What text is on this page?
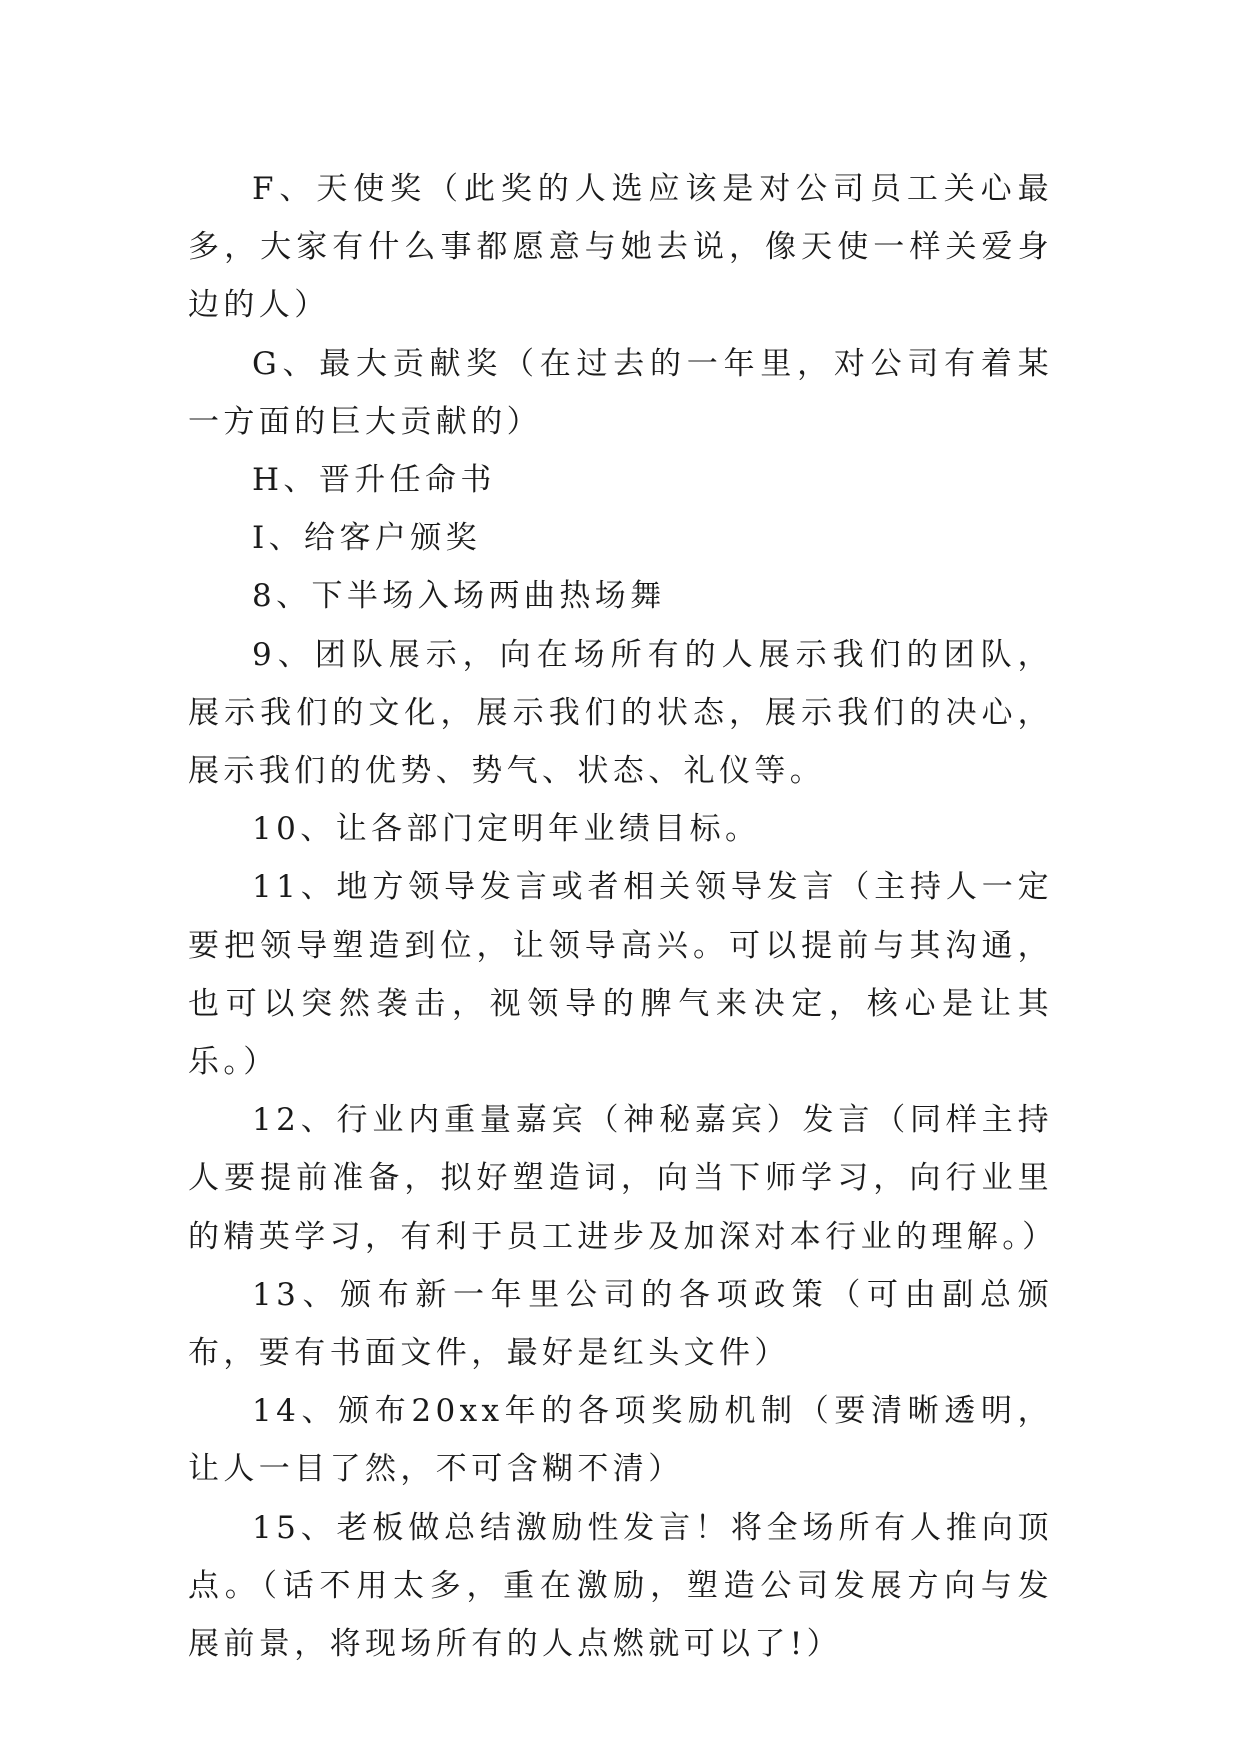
F、天使奖（此奖的人选应该是对公司员工关心最多，大家有什么事都愿意与她去说，像天使一样关爱身边的人）

G、最大贡献奖（在过去的一年里，对公司有着某一方面的巨大贡献的）

H、晋升任命书

I、给客户颁奖

8、下半场入场两曲热场舞

9、团队展示，向在场所有的人展示我们的团队，展示我们的文化，展示我们的状态，展示我们的决心，展示我们的优势、势气、状态、礼仪等。

10、让各部门定明年业绩目标。

11、地方领导发言或者相关领导发言（主持人一定要把领导塑造到位，让领导高兴。可以提前与其沟通，也可以突然袭击，视领导的脾气来决定，核心是让其乐。）

12、行业内重量嘉宾（神秘嘉宾）发言（同样主持人要提前准备，拟好塑造词，向当下师学习，向行业里的精英学习，有利于员工进步及加深对本行业的理解。）

13、颁布新一年里公司的各项政策（可由副总颁布，要有书面文件，最好是红头文件）

14、颁布20xx年的各项奖励机制（要清晰透明，让人一目了然，不可含糊不清）

15、老板做总结激励性发言！将全场所有人推向顶点。（话不用太多，重在激励，塑造公司发展方向与发展前景，将现场所有的人点燃就可以了!）
